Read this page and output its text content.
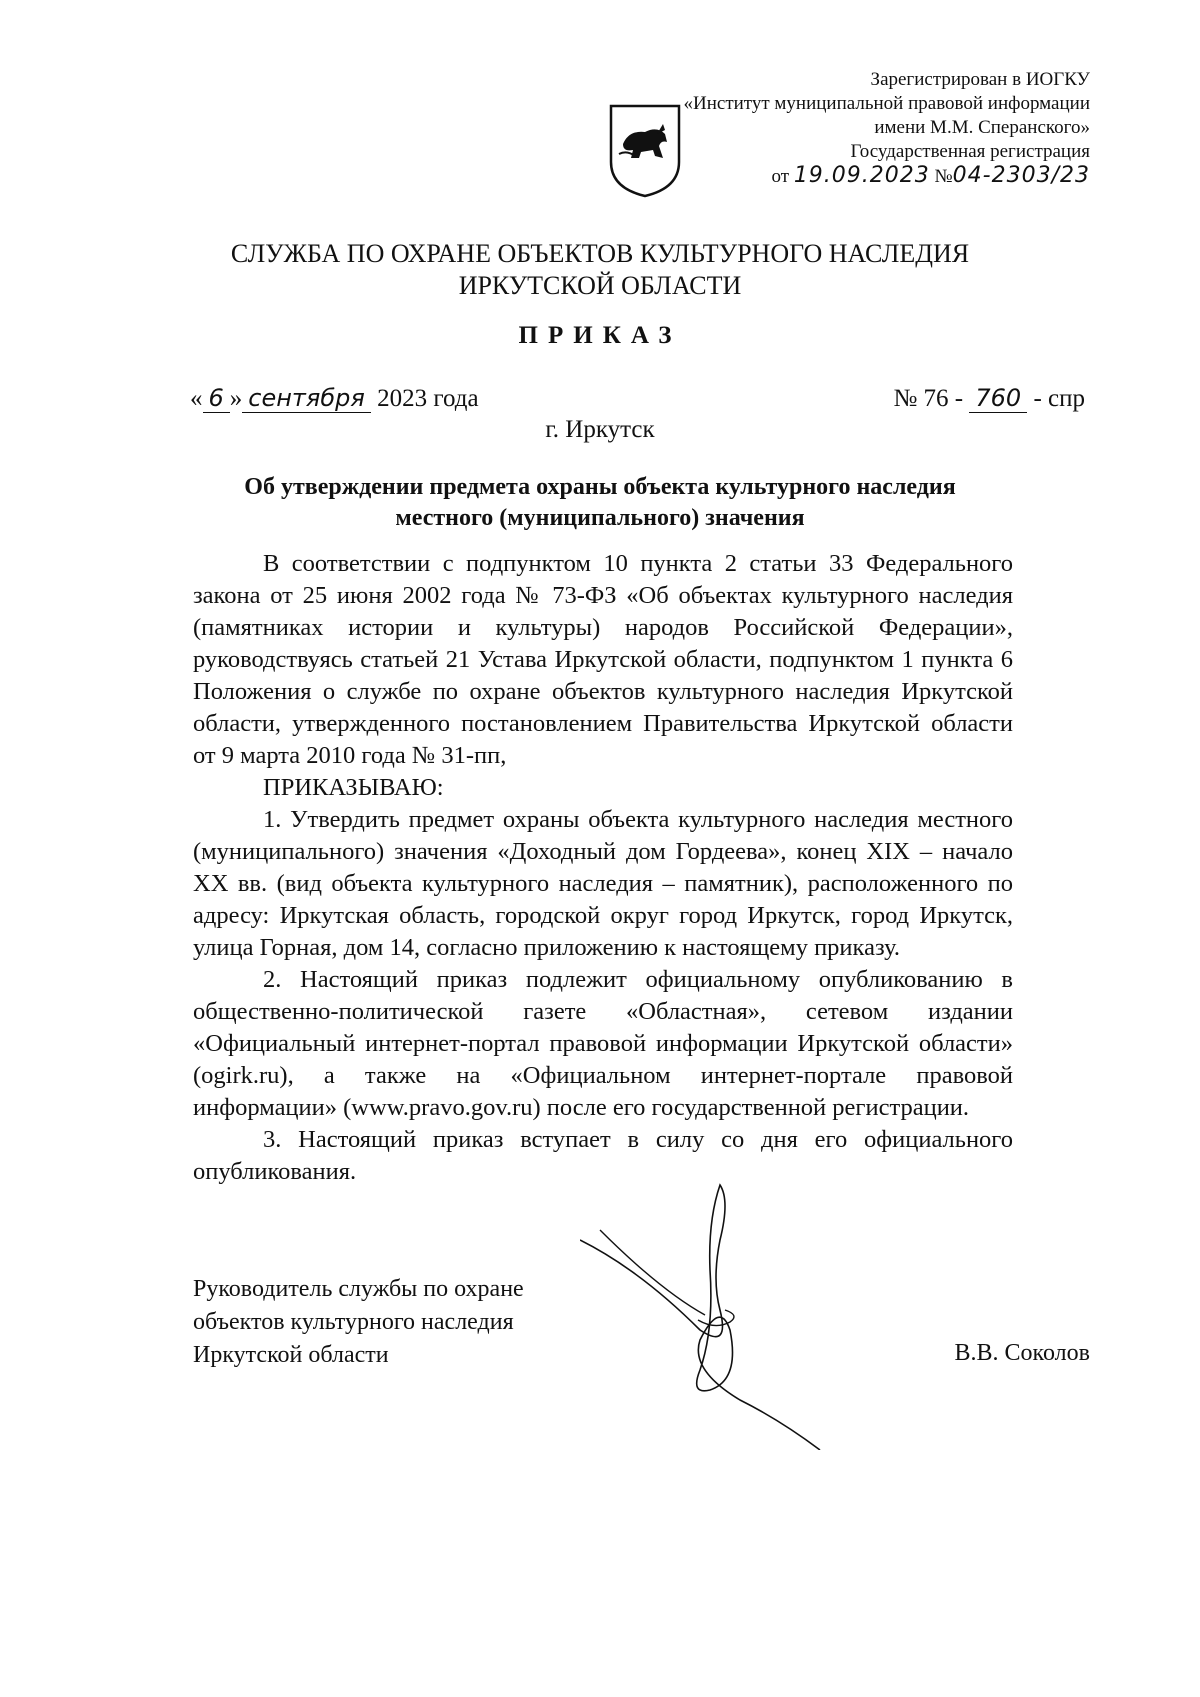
Зарегистрирован в ИОГКУ
«Институт муниципальной правовой информации
имени М.М. Сперанского»
Государственная регистрация
от 19.09.2023 №04-2303/23
СЛУЖБА ПО ОХРАНЕ ОБЪЕКТОВ КУЛЬТУРНОГО НАСЛЕДИЯ
ИРКУТСКОЙ ОБЛАСТИ
ПРИКАЗ
« 6 » сентября 2023 года	№ 76 - 760 - спр
г. Иркутск
Об утверждении предмета охраны объекта культурного наследия
местного (муниципального) значения

В соответствии с подпунктом 10 пункта 2 статьи 33 Федерального закона от 25 июня 2002 года № 73-ФЗ «Об объектах культурного наследия (памятниках истории и культуры) народов Российской Федерации», руководствуясь статьей 21 Устава Иркутской области, подпунктом 1 пункта 6 Положения о службе по охране объектов культурного наследия Иркутской области, утвержденного постановлением Правительства Иркутской области от 9 марта 2010 года № 31-пп,

ПРИКАЗЫВАЮ:

1. Утвердить предмет охраны объекта культурного наследия местного (муниципального) значения «Доходный дом Гордеева», конец XIX – начало XX вв. (вид объекта культурного наследия – памятник), расположенного по адресу: Иркутская область, городской округ город Иркутск, город Иркутск, улица Горная, дом 14, согласно приложению к настоящему приказу.

2. Настоящий приказ подлежит официальному опубликованию в общественно-политической газете «Областная», сетевом издании «Официальный интернет-портал правовой информации Иркутской области» (ogirk.ru), а также на «Официальном интернет-портале правовой информации» (www.pravo.gov.ru) после его государственной регистрации.

3. Настоящий приказ вступает в силу со дня его официального опубликования.

Руководитель службы по охране
объектов культурного наследия
Иркутской области	В.В. Соколов
